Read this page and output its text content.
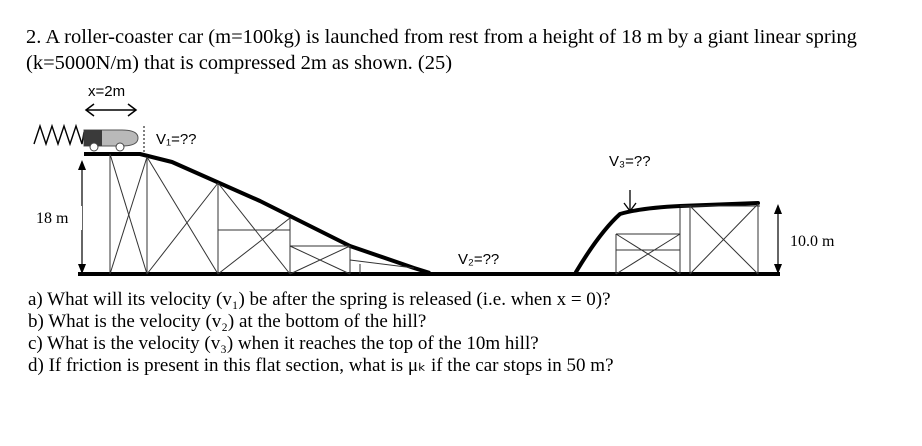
2. A roller-coaster car (m=100kg) is launched from rest from a height of 18 m by a giant linear spring (k=5000N/m) that is compressed 2m as shown. (25)
x=2m
V₁=??
V₂=??
V₃=??
18 m
10.0 m
a) What will its velocity (v₁) be after the spring is released (i.e. when x = 0)?
b) What is the velocity (v₂) at the bottom of the hill?
c) What is the velocity (v₃) when it reaches the top of the 10m hill?
d) If friction is present in this flat section, what is μₖ if the car stops in 50 m?
